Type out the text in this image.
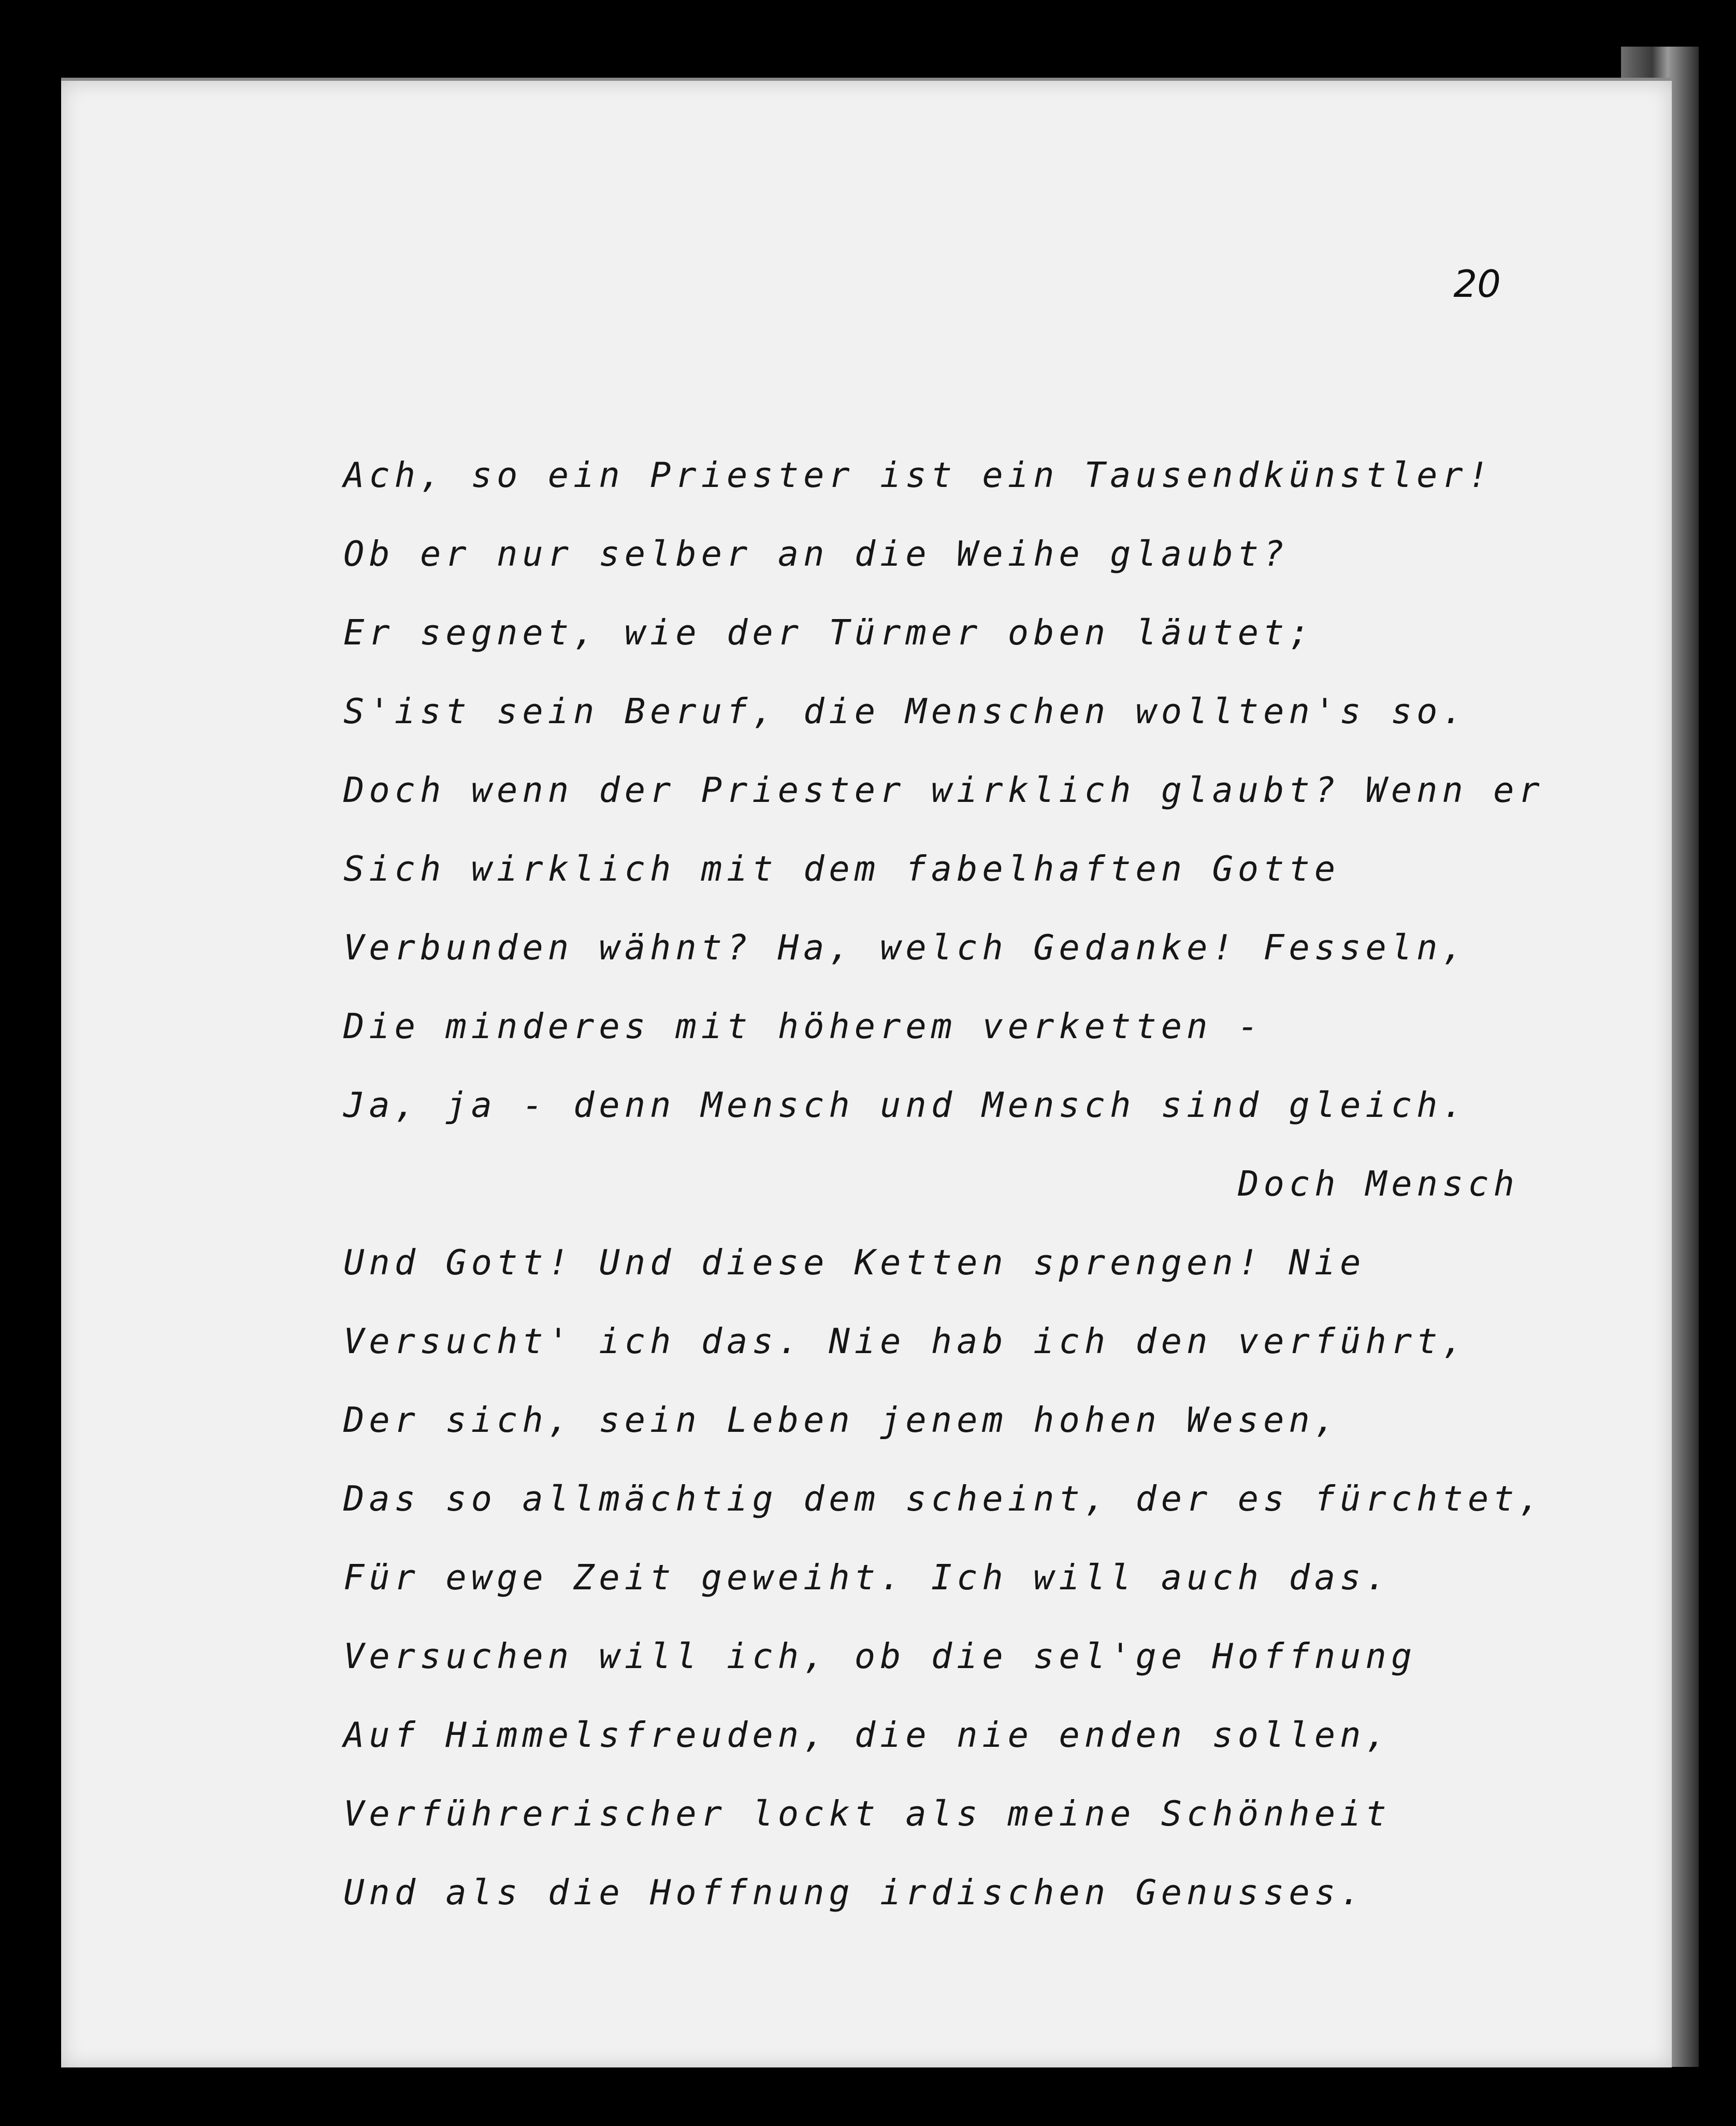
20

Ach, so ein Priester ist ein Tausendkünstler!
Ob er nur selber an die Weihe glaubt?
Er segnet, wie der Türmer oben läutet;
S'ist sein Beruf, die Menschen wollten's so.
Doch wenn der Priester wirklich glaubt? Wenn er
Sich wirklich mit dem fabelhaften Gotte
Verbunden wähnt? Ha, welch Gedanke! Fesseln,
Die minderes mit höherem verketten -
Ja, ja - denn Mensch und Mensch sind gleich.
Doch Mensch
Und Gott! Und diese Ketten sprengen! Nie
Versucht' ich das. Nie hab ich den verführt,
Der sich, sein Leben jenem hohen Wesen,
Das so allmächtig dem scheint, der es fürchtet,
Für ewge Zeit geweiht. Ich will auch das.
Versuchen will ich, ob die sel'ge Hoffnung
Auf Himmelsfreuden, die nie enden sollen,
Verführerischer lockt als meine Schönheit
Und als die Hoffnung irdischen Genusses.
